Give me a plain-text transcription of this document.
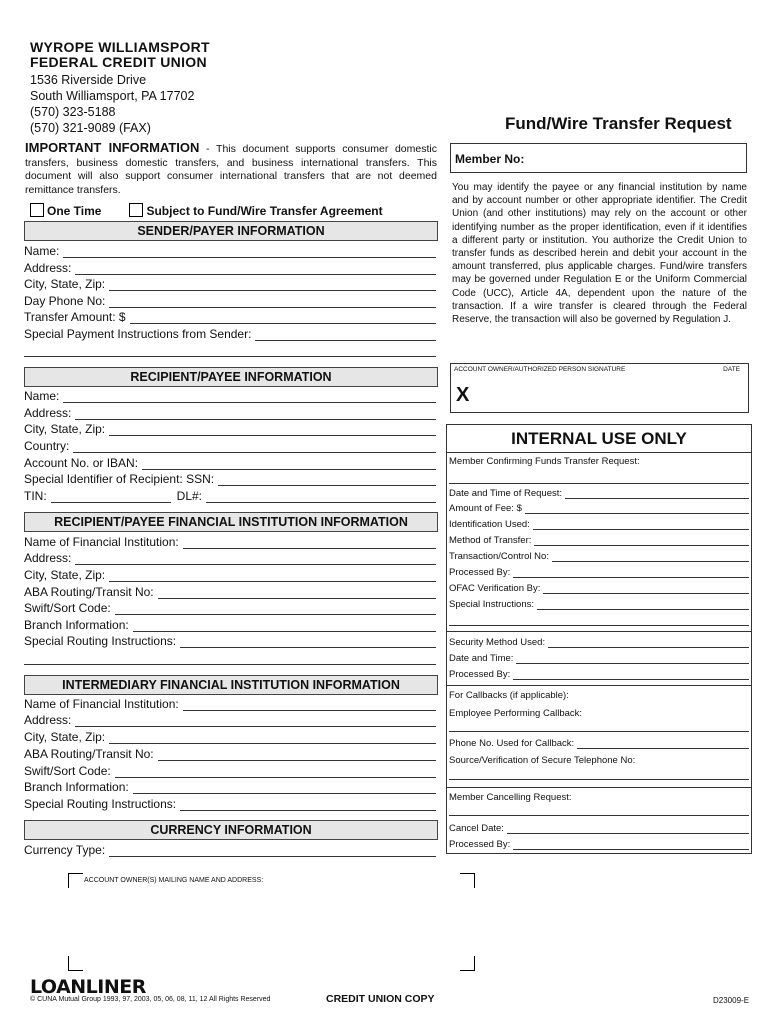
WYROPE WILLIAMSPORT
FEDERAL CREDIT UNION
1536 Riverside Drive
South Williamsport, PA 17702
(570) 323-5188
(570) 321-9089 (FAX)	Fund/Wire Transfer Request
IMPORTANT INFORMATION - This document supports consumer domestic transfers, business domestic transfers, and business international transfers. This document will also support consumer international transfers that are not deemed remittance transfers.
One Time	Subject to Fund/Wire Transfer Agreement
SENDER/PAYER INFORMATION
Name:
Address:
City, State, Zip:
Day Phone No:
Transfer Amount: $
Special Payment Instructions from Sender:
RECIPIENT/PAYEE INFORMATION
Name:
Address:
City, State, Zip:
Country:
Account No. or IBAN:
Special Identifier of Recipient: SSN:
TIN:	DL#:
RECIPIENT/PAYEE FINANCIAL INSTITUTION INFORMATION
Name of Financial Institution:
Address:
City, State, Zip:
ABA Routing/Transit No:
Swift/Sort Code:
Branch Information:
Special Routing Instructions:
INTERMEDIARY FINANCIAL INSTITUTION INFORMATION
Name of Financial Institution:
Address:
City, State, Zip:
ABA Routing/Transit No:
Swift/Sort Code:
Branch Information:
Special Routing Instructions:
CURRENCY INFORMATION
Currency Type:
Member No:
You may identify the payee or any financial institution by name and by account number or other appropriate identifier. The Credit Union (and other institutions) may rely on the account or other identifying number as the proper identification, even if it identifies a different party or institution. You authorize the Credit Union to transfer funds as described herein and debit your account in the amount transferred, plus applicable charges. Fund/wire transfers may be governed under Regulation E or the Uniform Commercial Code (UCC), Article 4A, dependent upon the nature of the transaction. If a wire transfer is cleared through the Federal Reserve, the transaction will also be governed by Regulation J.
ACCOUNT OWNER/AUTHORIZED PERSON SIGNATURE	DATE
X
INTERNAL USE ONLY
Member Confirming Funds Transfer Request:
Date and Time of Request:
Amount of Fee: $
Identification Used:
Method of Transfer:
Transaction/Control No:
Processed By:
OFAC Verification By:
Special Instructions:
Security Method Used:
Date and Time:
Processed By:
For Callbacks (if applicable):
Employee Performing Callback:
Phone No. Used for Callback:
Source/Verification of Secure Telephone No:
Member Cancelling Request:
Cancel Date:
Processed By:
ACCOUNT OWNER(S) MAILING NAME AND ADDRESS:
LOANLINER
© CUNA Mutual Group 1993, 97, 2003, 05, 06, 08, 11, 12 All Rights Reserved	CREDIT UNION COPY	D23009-E
